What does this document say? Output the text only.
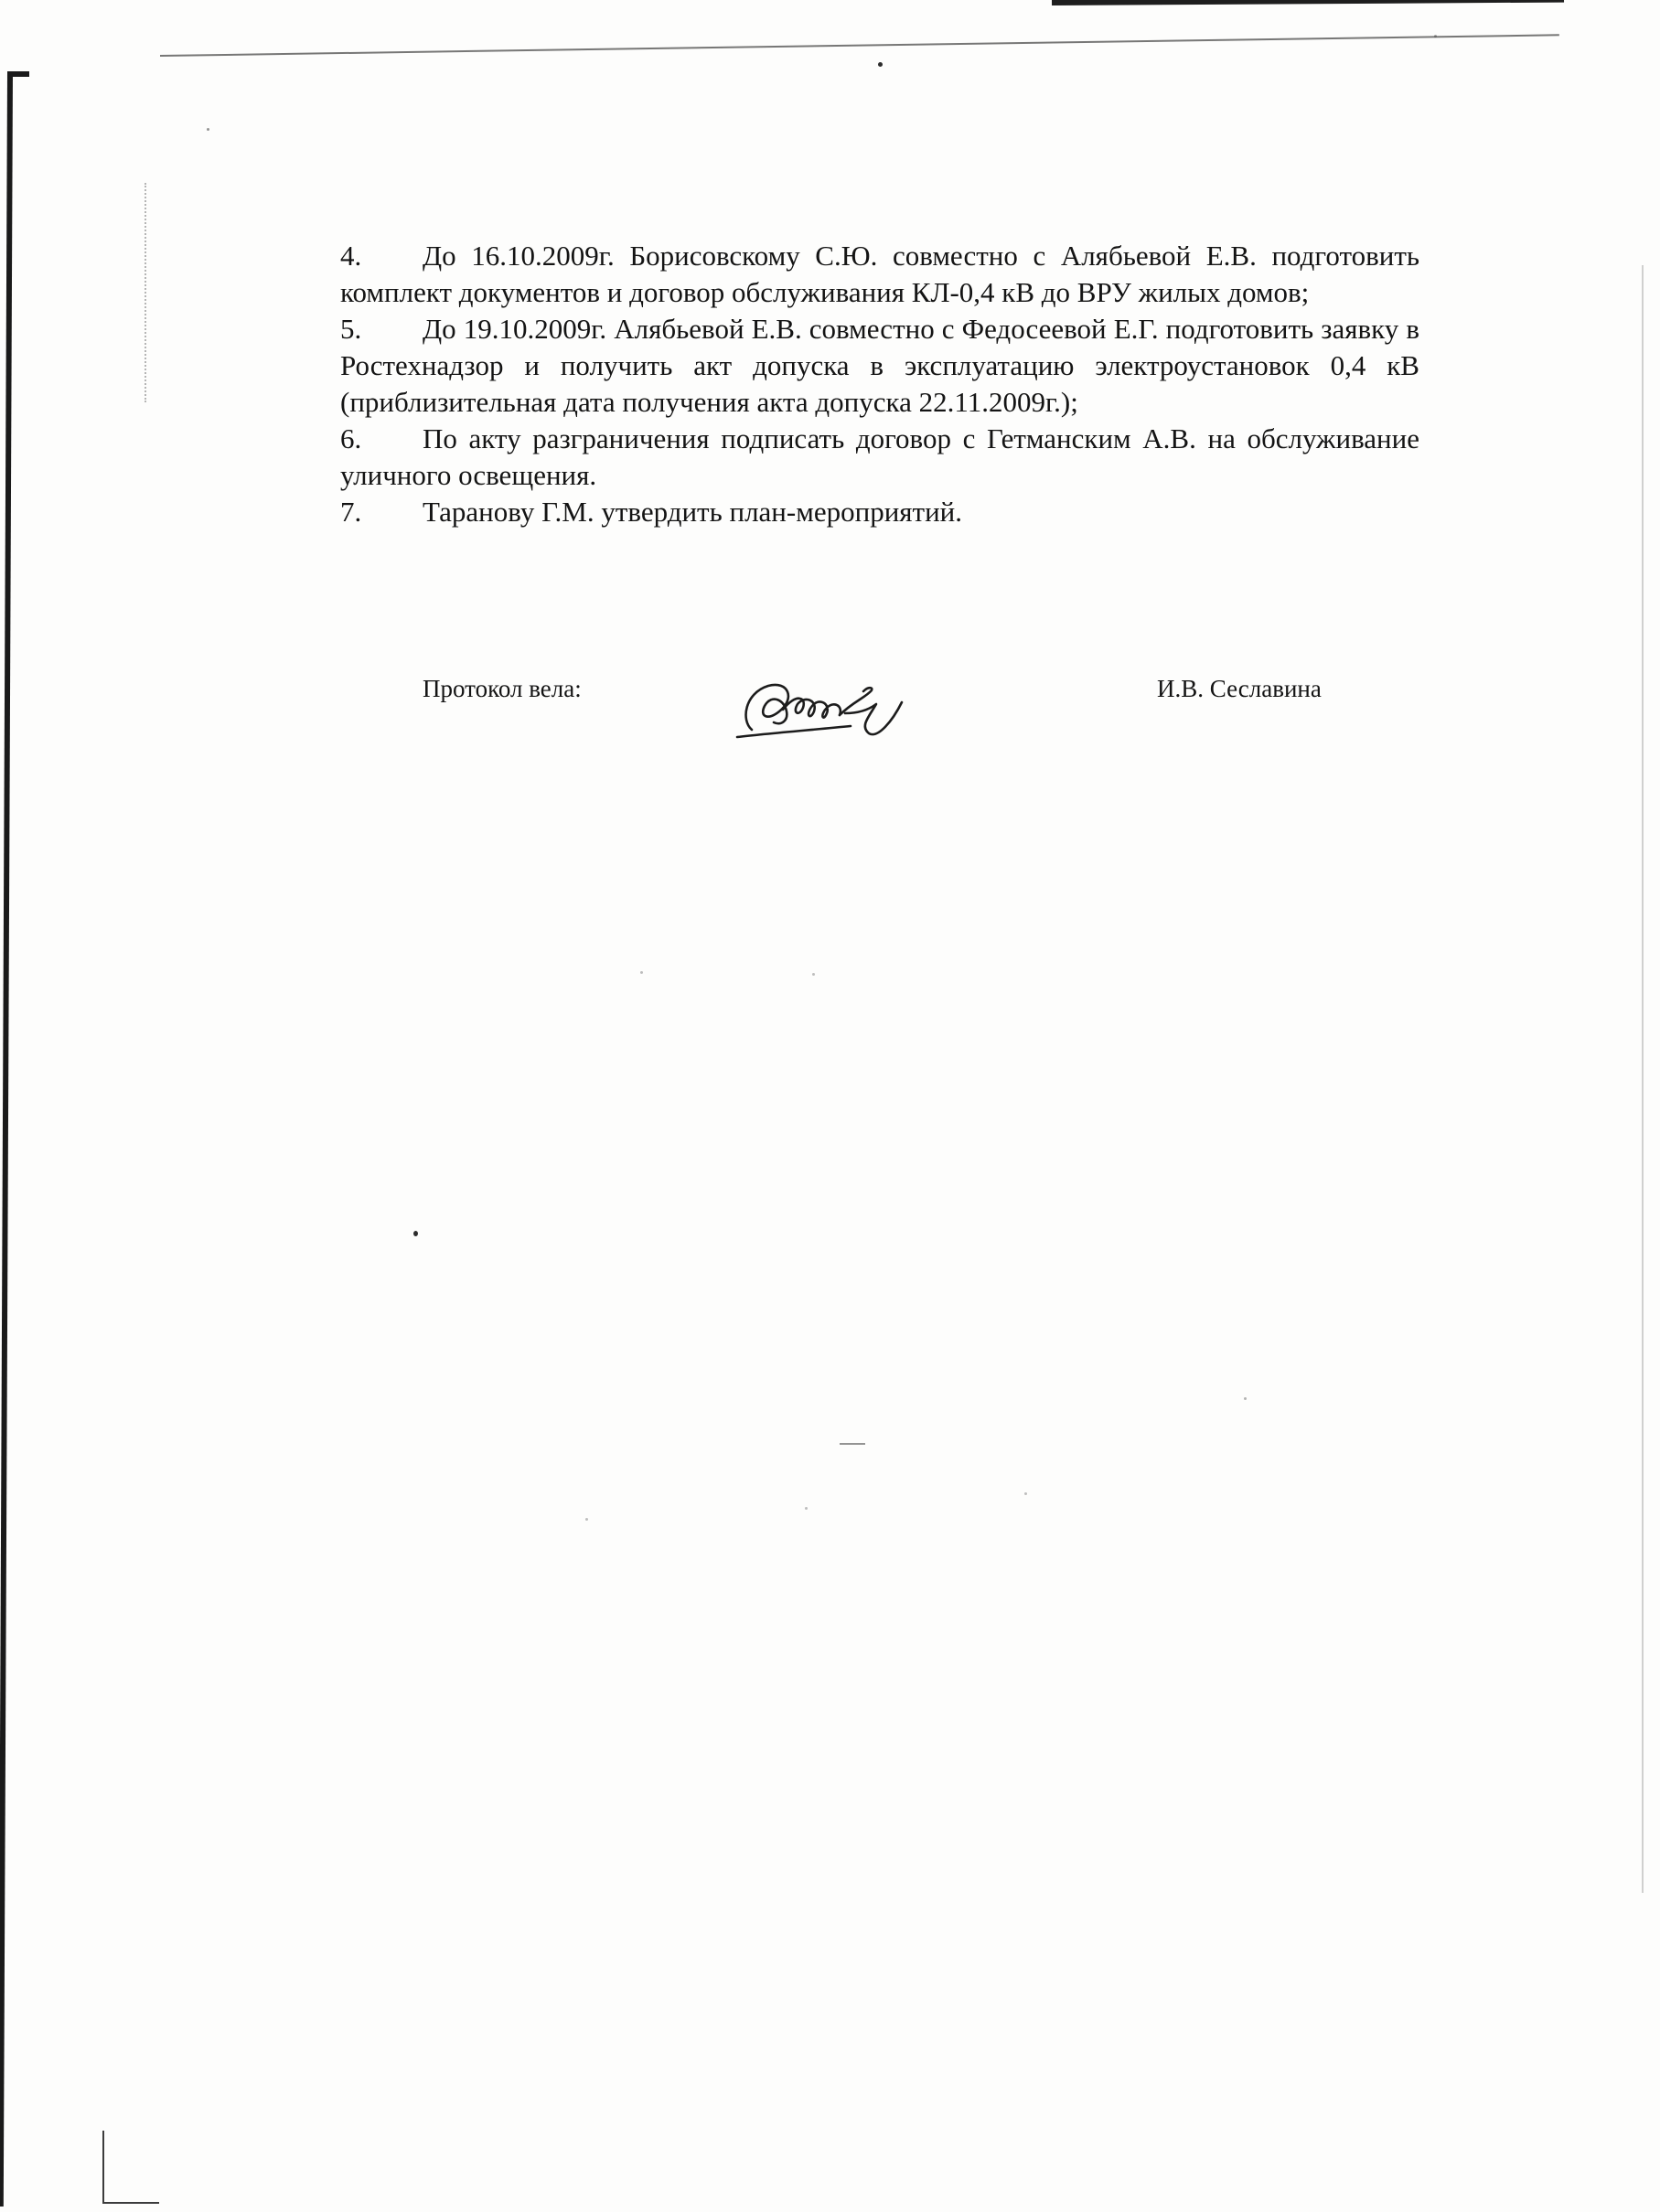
4. До 16.10.2009г. Борисовскому С.Ю. совместно с Алябьевой Е.В. подготовить комплект документов и договор обслуживания КЛ-0,4 кВ до ВРУ жилых домов;

5. До 19.10.2009г. Алябьевой Е.В. совместно с Федосеевой Е.Г. подготовить заявку в Ростехнадзор и получить акт допуска в эксплуатацию электроустановок 0,4 кВ (приблизительная дата получения акта допуска 22.11.2009г.);

6. По акту разграничения подписать договор с Гетманским А.В. на обслуживание уличного освещения.

7. Таранову Г.М. утвердить план-мероприятий.

Протокол вела:	И.В. Сеславина
